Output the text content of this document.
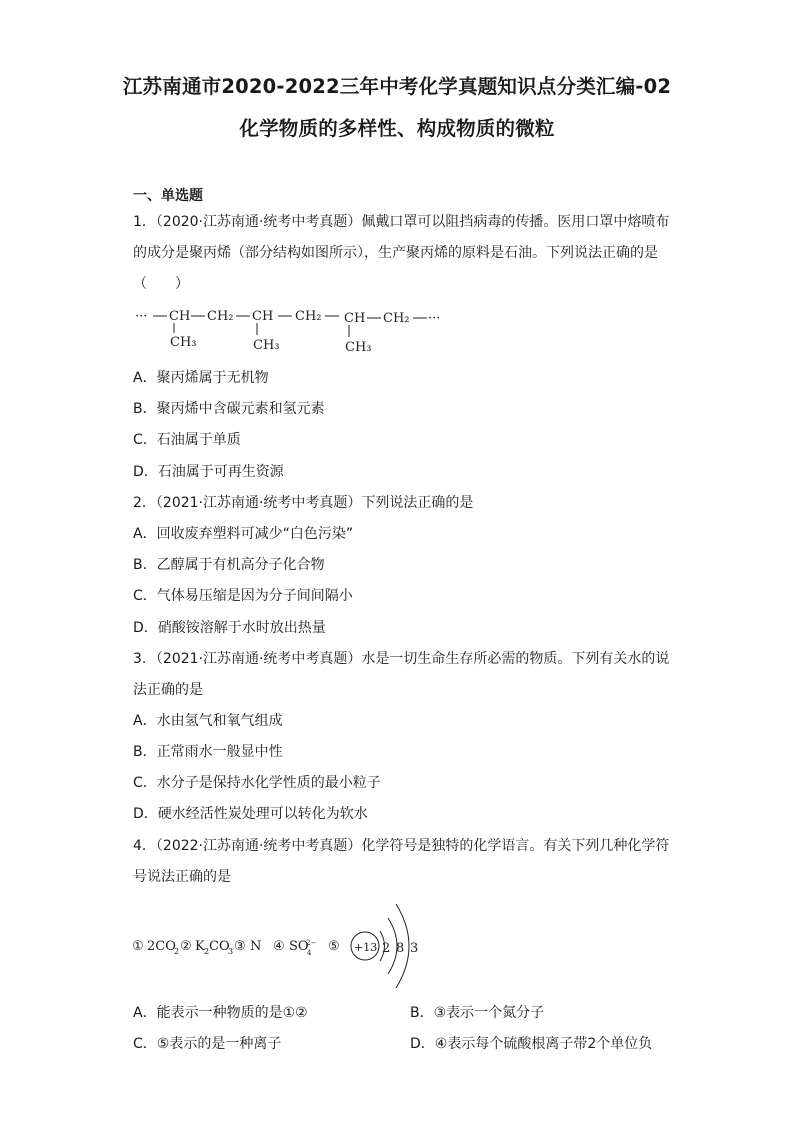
江苏南通市2020-2022三年中考化学真题知识点分类汇编-02
化学物质的多样性、构成物质的微粒
一、单选题
1．（2020·江苏南通·统考中考真题）佩戴口罩可以阻挡病毒的传播。医用口罩中熔喷布
的成分是聚丙烯（部分结构如图所示），生产聚丙烯的原料是石油。下列说法正确的是
（　　）
··· CH CH₂ CH CH₂ CH CH₂ ···
CH₃	CH₃	CH₃
A．聚丙烯属于无机物
B．聚丙烯中含碳元素和氢元素
C．石油属于单质
D．石油属于可再生资源
2．（2021·江苏南通·统考中考真题）下列说法正确的是
A．回收废弃塑料可减少“白色污染”
B．乙醇属于有机高分子化合物
C．气体易压缩是因为分子间间隔小
D．硝酸铵溶解于水时放出热量
3．（2021·江苏南通·统考中考真题）水是一切生命生存所必需的物质。下列有关水的说
法正确的是
A．水由氢气和氧气组成
B．正常雨水一般显中性
C．水分子是保持水化学性质的最小粒子
D．硬水经活性炭处理可以转化为软水
4．（2022·江苏南通·统考中考真题）化学符号是独特的化学语言。有关下列几种化学符
号说法正确的是
① 2CO
2 ② K 2 CO
3 ③ N ④ SO
2−
4 ⑤ +13 2 8 3
A．能表示一种物质的是①②	B．③表示一个氮分子
C．⑤表示的是一种离子	D．④表示每个硫酸根离子带2个单位负
